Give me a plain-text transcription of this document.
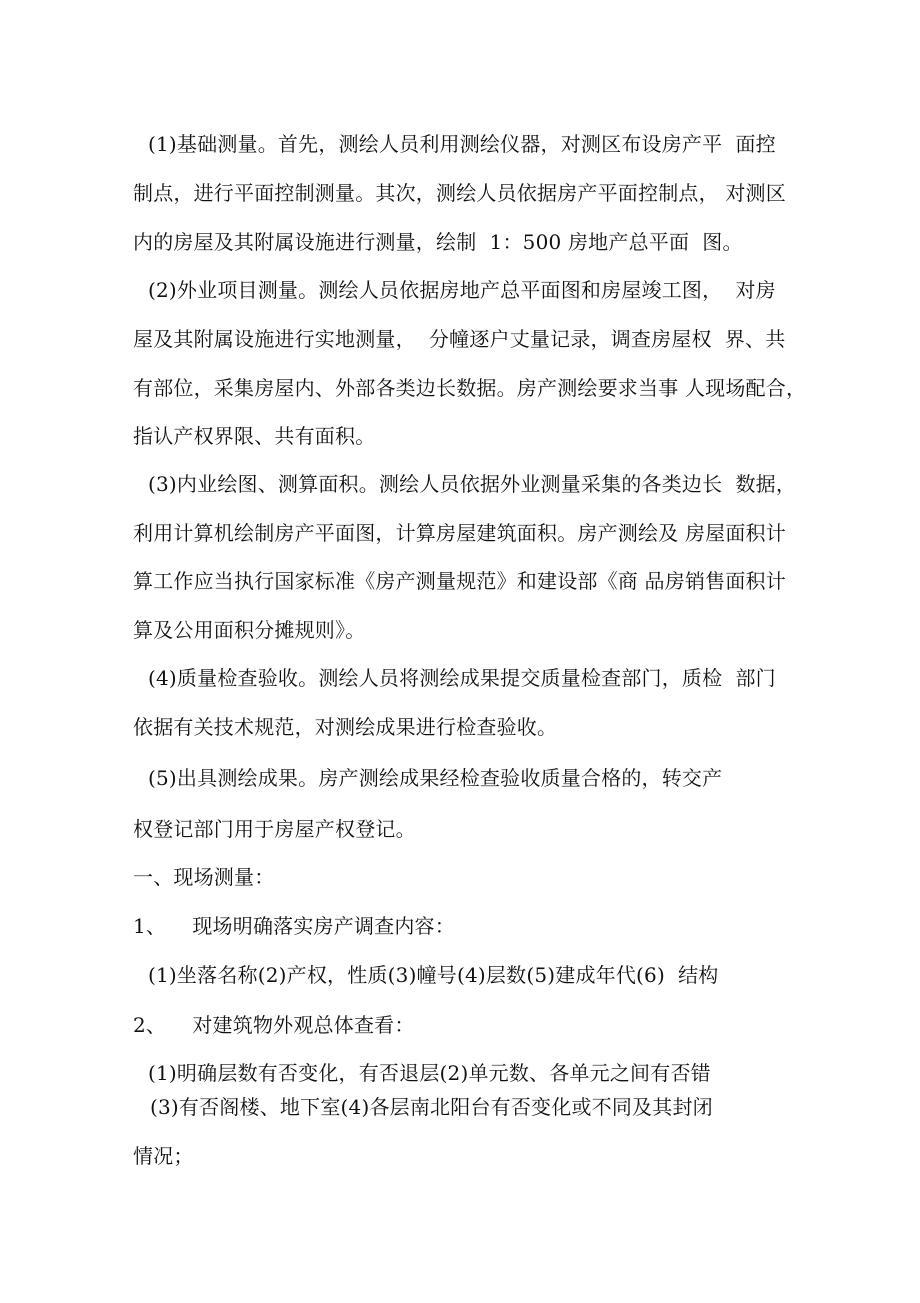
(1)基础测量。首先，测绘人员利用测绘仪器，对测区布设房产平  面控
制点，进行平面控制测量。其次，测绘人员依据房产平面控制点， 对测区
内的房屋及其附属设施进行测量，绘制  1：500 房地产总平面  图。
(2)外业项目测量。测绘人员依据房地产总平面图和房屋竣工图，  对房
屋及其附属设施进行实地测量，  分幢逐户丈量记录，调查房屋权  界、共
有部位，采集房屋内、外部各类边长数据。房产测绘要求当事 人现场配合，
指认产权界限、共有面积。
(3)内业绘图、测算面积。测绘人员依据外业测量采集的各类边长  数据，
利用计算机绘制房产平面图，计算房屋建筑面积。房产测绘及 房屋面积计
算工作应当执行国家标准《房产测量规范》和建设部《商 品房销售面积计
算及公用面积分摊规则》。
(4)质量检查验收。测绘人员将测绘成果提交质量检查部门，质检  部门
依据有关技术规范，对测绘成果进行检查验收。
(5)出具测绘成果。房产测绘成果经检查验收质量合格的，转交产
权登记部门用于房屋产权登记。
一、现场测量：
1、    现场明确落实房产调查内容：
(1)坐落名称(2)产权，性质(3)幢号(4)层数(5)建成年代(6)  结构
2、    对建筑物外观总体查看：
(1)明确层数有否变化，有否退层(2)单元数、各单元之间有否错
(3)有否阁楼、地下室(4)各层南北阳台有否变化或不同及其封闭
情况；
